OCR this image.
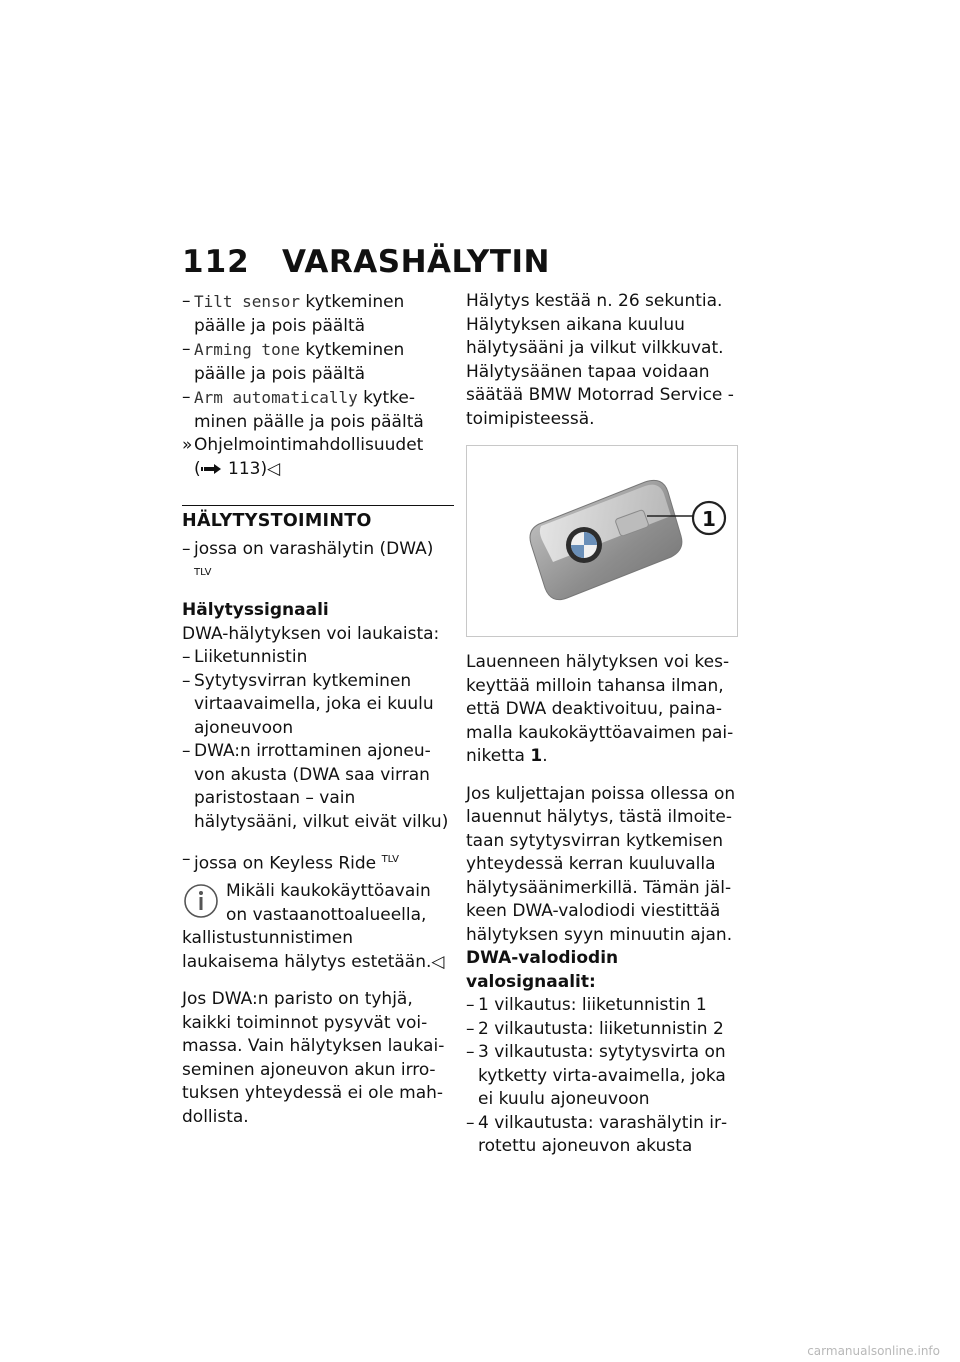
112 VARASHÄLYTIN
– Tilt sensor kytkeminen päälle ja pois päältä
– Arming tone kytkeminen päälle ja pois päältä
– Arm automatically kytkeminen päälle ja pois päältä
» Ohjelmointimahdollisuudet
( 113)◁
HÄLYTYSTOIMINTO
– jossa on varashälytin (DWA) $^{TLV}$
Hälytyssignaali
DWA-hälytyksen voi laukaista:
– Liiketunnistin
– Sytytysvirran kytkeminen virtaavaimella, joka ei kuulu ajoneuvoon
– DWA:n irrottaminen ajoneuvon akusta (DWA saa virran paristostaan – vain hälytysääni, vilkut eivät vilku)
– jossa on Keyless Ride $^{TLV}$
Mikäli kaukokäyttöavain on vastaanottoalueella,
kallistustunnistimen laukaisema hälytys estetään.◁
Jos DWA:n paristo on tyhjä, kaikki toiminnot pysyvät voimassa. Vain hälytyksen laukaiseminen ajoneuvon akun irrotuksen yhteydessä ei ole mahdollista.
Hälytys kestää n. 26 sekuntia. Hälytyksen aikana kuuluu hälytysääni ja vilkut vilkkuvat. Hälytysäänen tapaa voidaan säätää BMW Motorrad Service -toimipisteessä.
1
Lauenneen hälytyksen voi keskeyttää milloin tahansa ilman, että DWA deaktivoituu, painamalla kaukokäyttöavaimen painiketta 1.
Jos kuljettajan poissa ollessa on lauennut hälytys, tästä ilmoitetaan sytytysvirran kytkemisen yhteydessä kerran kuuluvalla hälytysäänimerkillä. Tämän jälkeen DWA-valodiodi viestittää hälytyksen syyn minuutin ajan.
DWA-valodiodin valosignaalit:
– 1 vilkautus: liiketunnistin 1
– 2 vilkautusta: liiketunnistin 2
– 3 vilkautusta: sytytysvirta on kytketty virta-avaimella, joka ei kuulu ajoneuvoon
– 4 vilkautusta: varashälytin irrotettu ajoneuvon akusta
carmanualsonline.info
